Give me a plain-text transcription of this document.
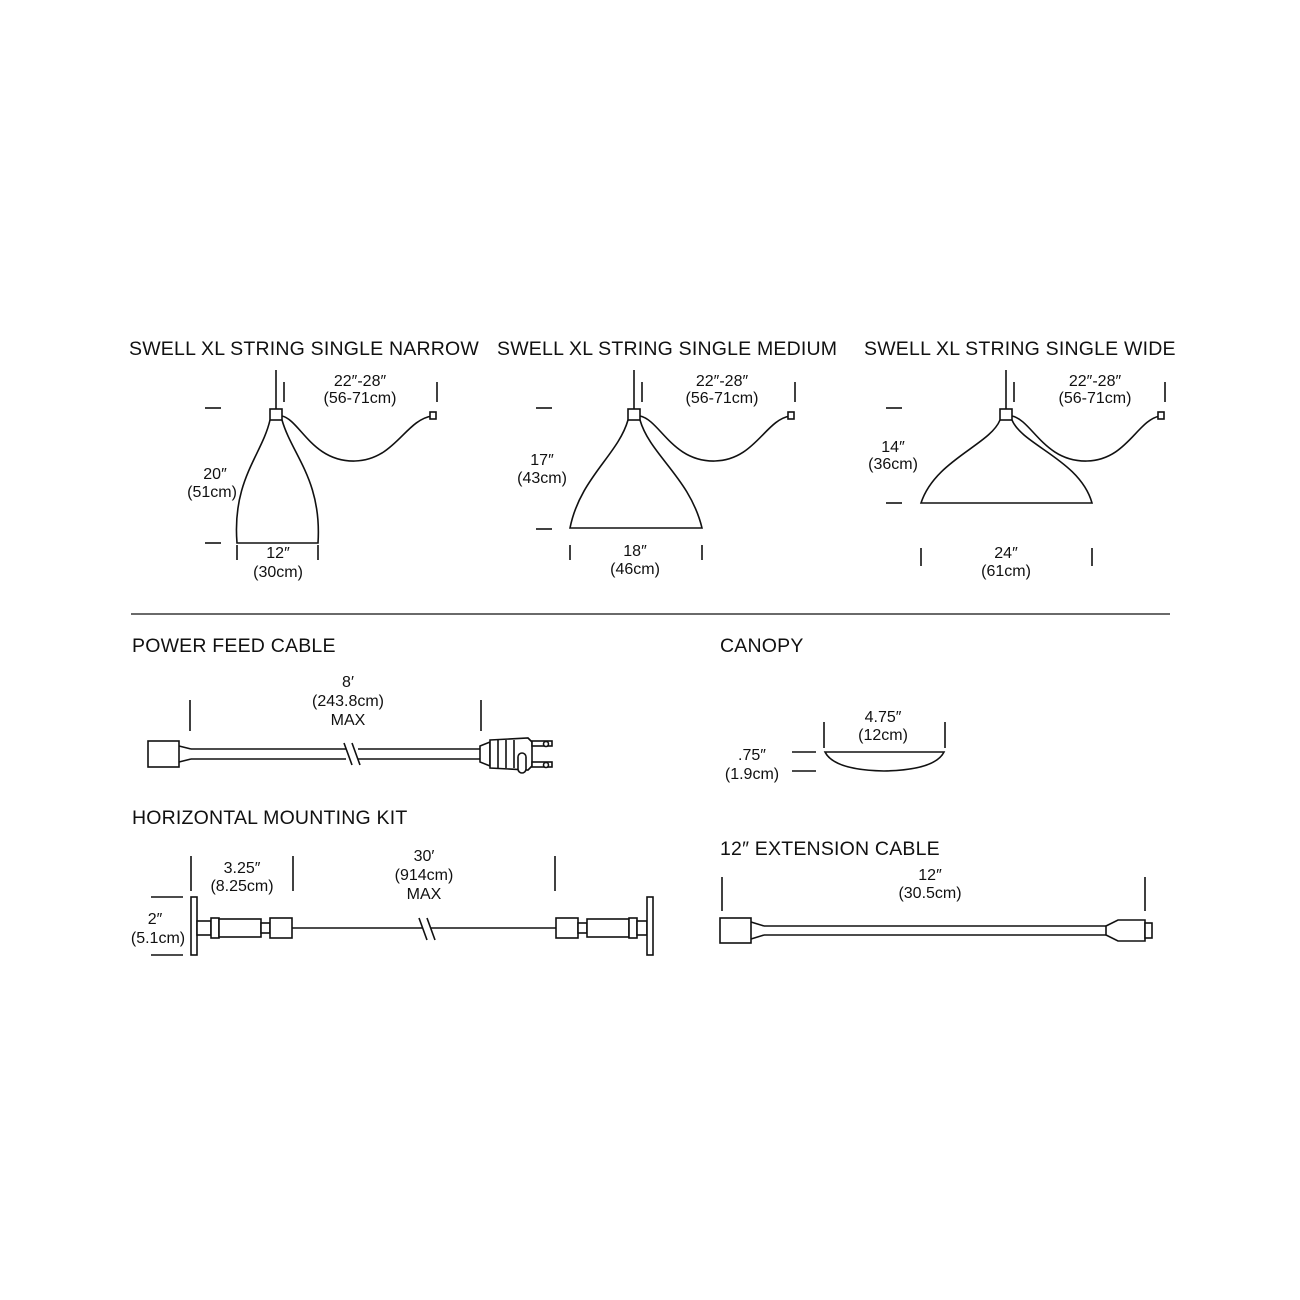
SWELL XL STRING SINGLE NARROW
22″-28″
(56-71cm)
20″
(51cm)
12″
(30cm)
SWELL XL STRING SINGLE MEDIUM
22″-28″
(56-71cm)
17″
(43cm)
18″
(46cm)
SWELL XL STRING SINGLE WIDE
22″-28″
(56-71cm)
14″
(36cm)
24″
(61cm)
POWER FEED CABLE
8′
(243.8cm)
MAX
CANOPY
4.75″
(12cm)
.75″
(1.9cm)
HORIZONTAL MOUNTING KIT
3.25″
(8.25cm)
30′
(914cm)
MAX
2″
(5.1cm)
12″ EXTENSION CABLE
12″
(30.5cm)
